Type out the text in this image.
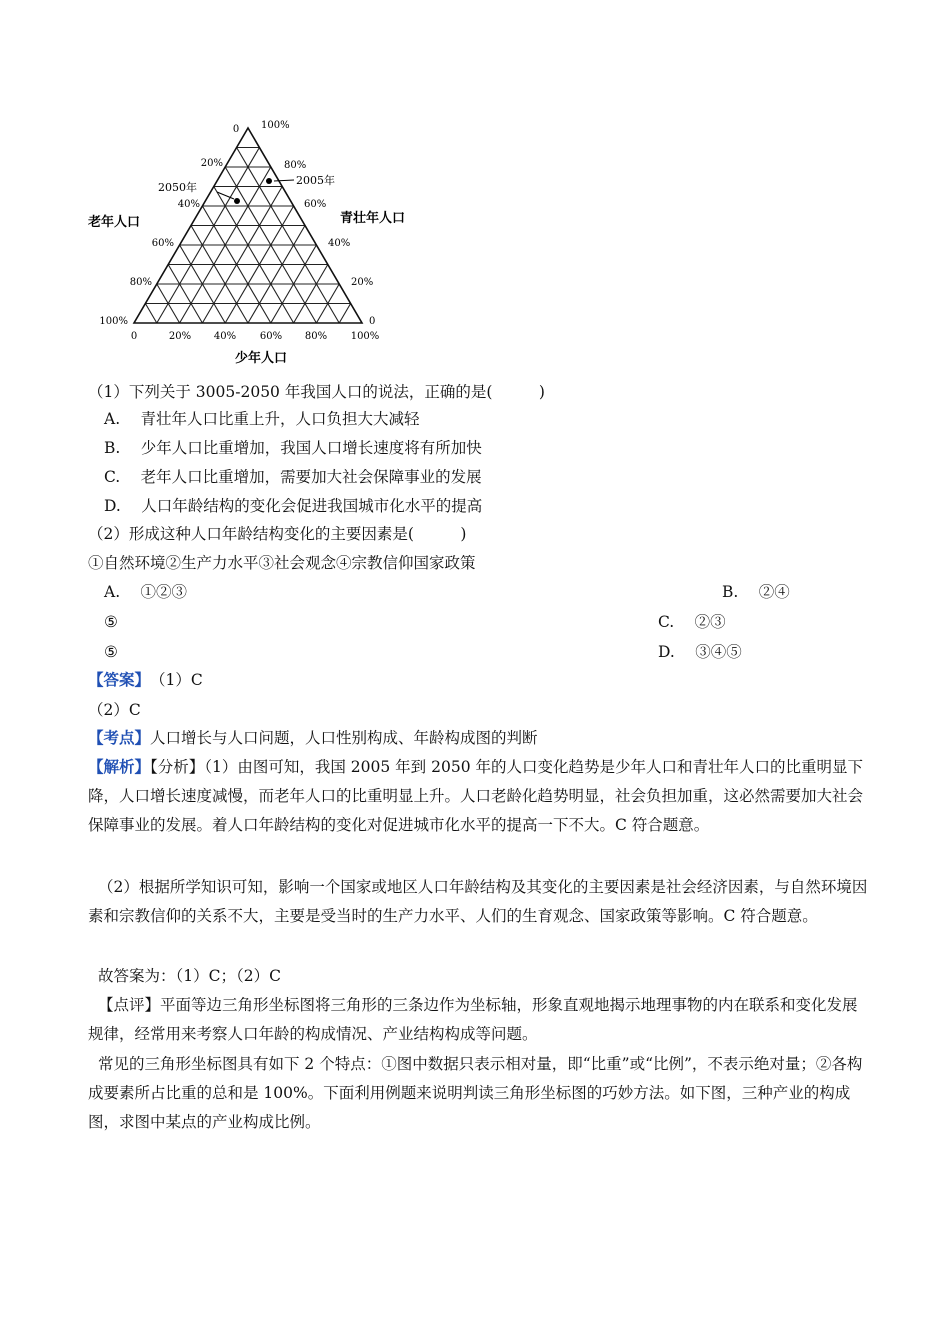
0 100%
20%
40%
60%
80%
100%
80%
60%
40%
20%
0
0	20% 40% 60% 80% 100%
2005年
2050年
老年人口	青壮年人口
少年人口
（1）下列关于 3005-2050 年我国人口的说法，正确的是(　　　)
A.　 青壮年人口比重上升，人口负担大大减轻
B.　 少年人口比重增加，我国人口增长速度将有所加快
C.　 老年人口比重增加，需要加大社会保障事业的发展
D.　 人口年龄结构的变化会促进我国城市化水平的提高
（2）形成这种人口年龄结构变化的主要因素是(　　　)
①自然环境②生产力水平③社会观念④宗教信仰国家政策
A.　 ①②③
⑤
⑤
B.　 ②④
C.　 ②③
D.　 ③④⑤
【答案】　（1）C
（2）C
【考点】人口增长与人口问题，人口性别构成、年龄构成图的判断
【解析】【分析】（1）由图可知，我国 2005 年到 2050 年的人口变化趋势是少年人口和青壮年人口的比重明显下降，人口增长速度减慢，而老年人口的比重明显上升。人口老龄化趋势明显，社会负担加重，这必然需要加大社会保障事业的发展。着人口年龄结构的变化对促进城市化水平的提高一下不大。C 符合题意。
（2）根据所学知识可知，影响一个国家或地区人口年龄结构及其变化的主要因素是社会经济因素，与自然环境因素和宗教信仰的关系不大，主要是受当时的生产力水平、人们的生育观念、国家政策等影响。C 符合题意。
故答案为：（1）C；（2）C
【点评】平面等边三角形坐标图将三角形的三条边作为坐标轴，形象直观地揭示地理事物的内在联系和变化发展规律，经常用来考察人口年龄的构成情况、产业结构构成等问题。
常见的三角形坐标图具有如下 2 个特点：①图中数据只表示相对量，即“比重”或“比例”，不表示绝对量；②各构成要素所占比重的总和是 100%。下面利用例题来说明判读三角形坐标图的巧妙方法。如下图，三种产业的构成图，求图中某点的产业构成比例。
